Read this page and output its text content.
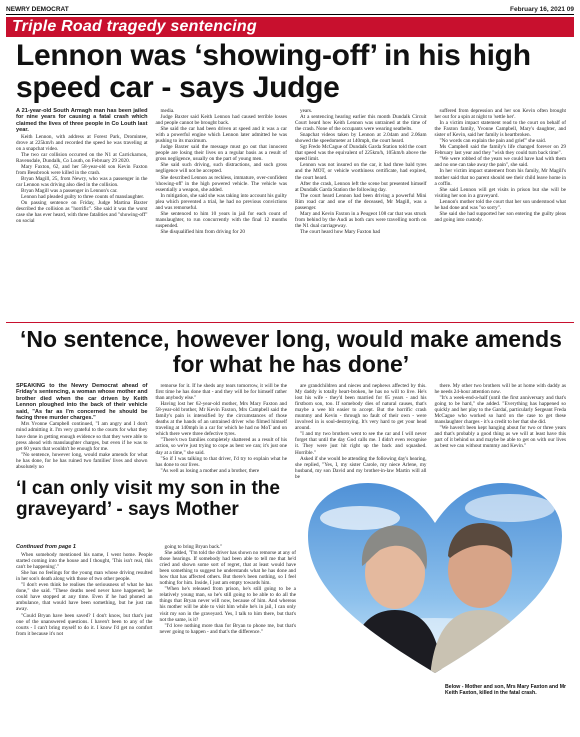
NEWRY DEMOCRAT	February 16, 2021 09
Triple Road tragedy sentencing
Lennon was ‘showing-off’ in his high speed car - says Judge

A 21-year-old South Armagh man has been jailed for nine years for causing a fatal crash which claimed the lives of three people in Co Louth last year.

Keith Lennon, with address at Forest Park, Dromintee, drove at 225km/h and recorded the speed he was traveling at on a snapchat video.

The two car collision occurred on the N1 at Carrickarnon, Ravensdale, Dundalk, Co Louth, on February 29 2020.

Mary Faxton, 62, and her 58-year-old son Kevin Faxton from Bessbrook were killed in the crash.

Bryan Magill, 25, from Newry, who was a passenger in the car Lennon was driving also died in the collision.

Bryan Magill was a passenger in Lennon's car.

Lennon had pleaded guilty to three counts of manslaughter.

On passing sentence on Friday, Judge Martina Baxter described the collision as "horrific". She said it was the worst case she has ever heard, with three fatalities and "showing-off" on social

media.

Judge Baxter said Keith Lennon had caused terrible losses and people cannot be brought back.

She said the car had been driven at speed and it was a car with a powerful engine which Lennon later admitted he was pushing to its maximum.

Judge Baxter said the message must go out that innocent people are losing their lives on a regular basis as a result of gross negligence, usually on the part of young men.

She said such driving, such distractions, and such gross negligence will not be accepted.

She described Lennon as reckless, immature, over-confident 'showing-off' in the high powered vehicle. The vehicle was essentially a weapon, she added.

In mitigation, she said she was taking into account his guilty plea which prevented a trial, he had no previous convictions and was remorseful.

She sentenced to him 10 years in jail for each count of manslaughter, to run concurrently with the final 12 months suspended.

She disqualified him from driving for 20

years.

At a sentencing hearing earlier this month Dundalk Circuit Court heard how Keith Lennon was untrained at the time of the crash. None of the occupants were wearing seatbelts.

Snapchat videos taken by Lennon at 2.04am and 2.06am showed the speedometer at 140mph, the court heard.

Sgt Fredo McCague of Dundalk Garda Station told the court that speed was the equivalent of 225km/h, 105km/h above the speed limit.

Lennon was not insured on the car, it had three bald tyres and the MOT, or vehicle worthiness certificate, had expired, the court heard.

After the crash, Lennon left the scene but presented himself at Dundalk Garda Station the following day.

The court heard Lennon had been driving a powerful Mini Rim road car and one of the deceased, Mr Magill, was a passenger.

Mary and Kevin Faxton in a Peugeot 108 car that was struck from behind by the Audi as both cars were travelling north on the N1 dual carriageway.

The court heard how Mary Faxton had

suffered from depression and her son Kevin often brought her out for a spin at night to 'settle her'.

In a victim impact statement read to the court on behalf of the Faxton family, Yvonne Campbell, Mary's daughter, and sister of Kevin, said her family is heartbroken.

"No words can explain the pain and grief" she said.

Ms Campbell said the family's life changed forever on 29 February last year and they "wish they could turn back time".

"We were robbed of the years we could have had with them and no one can take away the pain", she said.

In her victim impact statement from his family, Mr Magill's mother said that no parent should see their child leave home in a coffin.

She said Lennon will get visits in prison but she will be visiting her son in a graveyard.

Lennon's mother told the court that her son understood what he had done and was "so sorry".

She said she had supported her son entering the guilty pleas and going into custody.

‘No sentence, however long, would make amends for what he has done’

SPEAKING to the Newry Democrat ahead of Friday's sentencing, a woman whose mother and brother died when the car driven by Keith Lennon ploughed into the back of their vehicle said, "As far as I'm concerned he should be facing three murder charges."

Mrs Yvonne Campbell continued, "I am angry and I don't mind admitting it. I'm very grateful to the courts for what they have done in getting enough evidence so that they were able to press ahead with manslaughter charges, but even if he was to get 60 years that wouldn't be enough for me.

"No sentence, however long, would make amends for what he has done, for he has ruined two families' lives and shown absolutely no

remorse for it. If he sheds any tears tomorrow, it will be the first time he has done that - and they will be for himself rather than anybody else."

Having lost her 62-year-old mother, Mrs Mary Faxton and 58-year-old brother, Mr Kevin Faxton, Mrs Campbell said the family's pain is intensified by the circumstances of those deaths at the hands of an untrained driver who filmed himself traveling at 140mph in a car for which he had no MoT and on which there were three defective tyres.

"There's two families completely shattered as a result of his action, so we're just trying to cope as best we can; it's just one day at a time," she said.

"So if I was talking to that driver, I'd try to explain what he has done to our lives.

"As well as losing a mother and a brother, there

are grandchildren and nieces and nephews affected by this. My daddy is totally heart-broken, he has no will to live. He's lost his wife - they'd been married for 65 years - and his firstborn son, too. If somebody dies of natural causes, that's maybe a wee bit easier to accept. But the horrific crash mummy and Kevin - through no fault of their own - were involved in is soul-destroying. It's very hard to get your head around.

"I and my two brothers went to see the car and I will never forget that until the day God calls me. I didn't even recognise it. They were just hit right up the back and squashed. Horrible."

Asked if she would be attending the following day's hearing, she replied, "Yes, I, my sister Carole, my niece Arlene, my husband, my son David and my brother-in-law Martin will all be

there. My other two brothers will be at home with daddy as he needs 24-hour attention now.

"It's a week-end-a-half (until the first anniversary and that's going to be hard," she added. "Everything has happened so quickly and her play to the Gardaí, particularly Sergeant Freda McCague who worked so hard on the case to get these manslaughter charges - it's a credit to her that she did.

"We haven't been kept hanging about for two or three years and that's probably a good thing as we will at least have this part of it behind us and maybe be able to get on with our lives as best we can without mummy and Kevin."

‘I can only visit my son in the graveyard’ - says Mother
Below - Mother and son, Mrs Mary Faxton and Mr Keith Faxton, killed in the fatal crash.
Continued from page 1

When somebody mentioned his name, I went home. People started coming into the house and I thought, 'This isn't real, this can't be happening'."

She has no feelings for the young man whose driving resulted in her son's death along with those of two other people.

"I don't even think he realises the seriousness of what he has done," she said. "These deaths need never have happened; he could have stopped at any time. Even if he had phoned an ambulance, that would have been something, but he just ran away.

"Could Bryan have been saved? I don't know, but that's just one of the unanswered questions. I haven't been to any of the courts - I can't bring myself to do it. I know I'd get no comfort from it because it's not

going to bring Bryan back."

She added, "I'm told the driver has shown no remorse at any of those hearings. If somebody had been able to tell me that he'd cried and shown some sort of regret, that at least would have been something to suggest he understands what he has done and how that has affected others. But there's been nothing, so I feel nothing for him. Inside, I just am empty towards him.

"When he's released from prison, he's still going to be a relatively young man, so he's still going to be able to do all the things that Bryan never will now, because of him. And whereas his mother will be able to visit him while he's in jail, I can only visit my son in the graveyard. Yes, I talk to him there, but that's not the same, is it?

"I'd love nothing more than for Bryan to phone me, but that's never going to happen - and that's the difference."
